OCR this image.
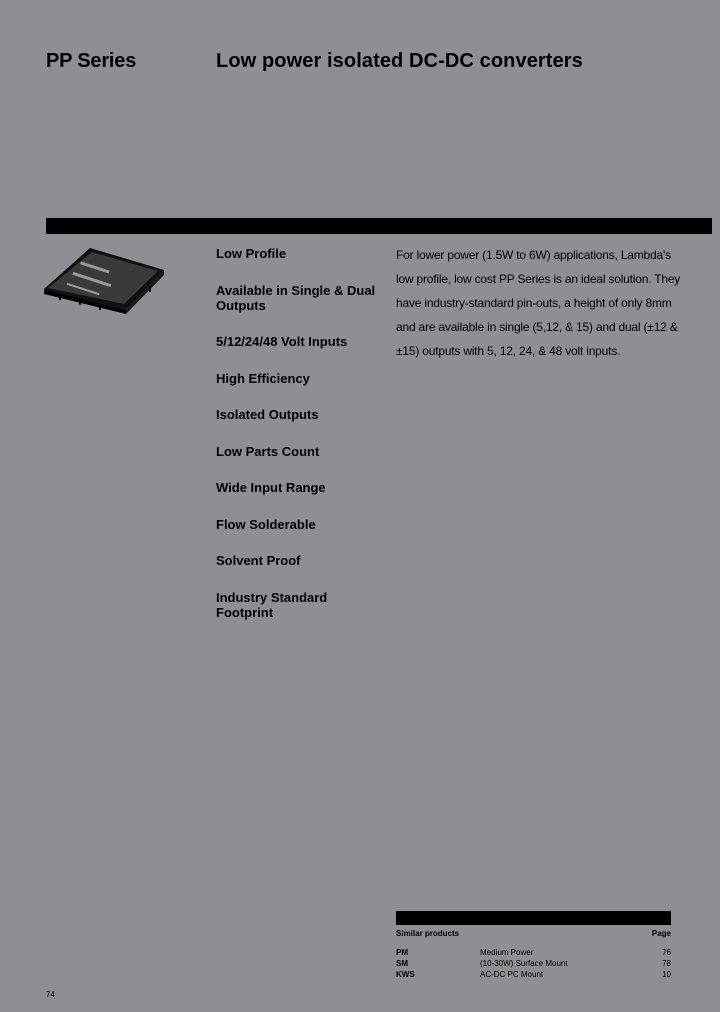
PP Series	Low power isolated DC-DC converters
Low Profile
Available in Single & Dual Outputs
5/12/24/48 Volt Inputs
High Efficiency
Isolated Outputs
Low Parts Count
Wide Input Range
Flow Solderable
Solvent Proof
Industry Standard Footprint

For lower power (1.5W to 6W) applications, Lambda's low profile, low cost PP Series is an ideal solution. They have industry-standard pin-outs, a height of only 8mm and are available in single (5,12, & 15) and dual (±12 & ±15) outputs with 5, 12, 24, & 48 volt inputs.

Similar products	Page
PM	Medium Power	76
SM	(10-30W) Surface Mount	78
KWS	AC-DC PC Mount	10
74
